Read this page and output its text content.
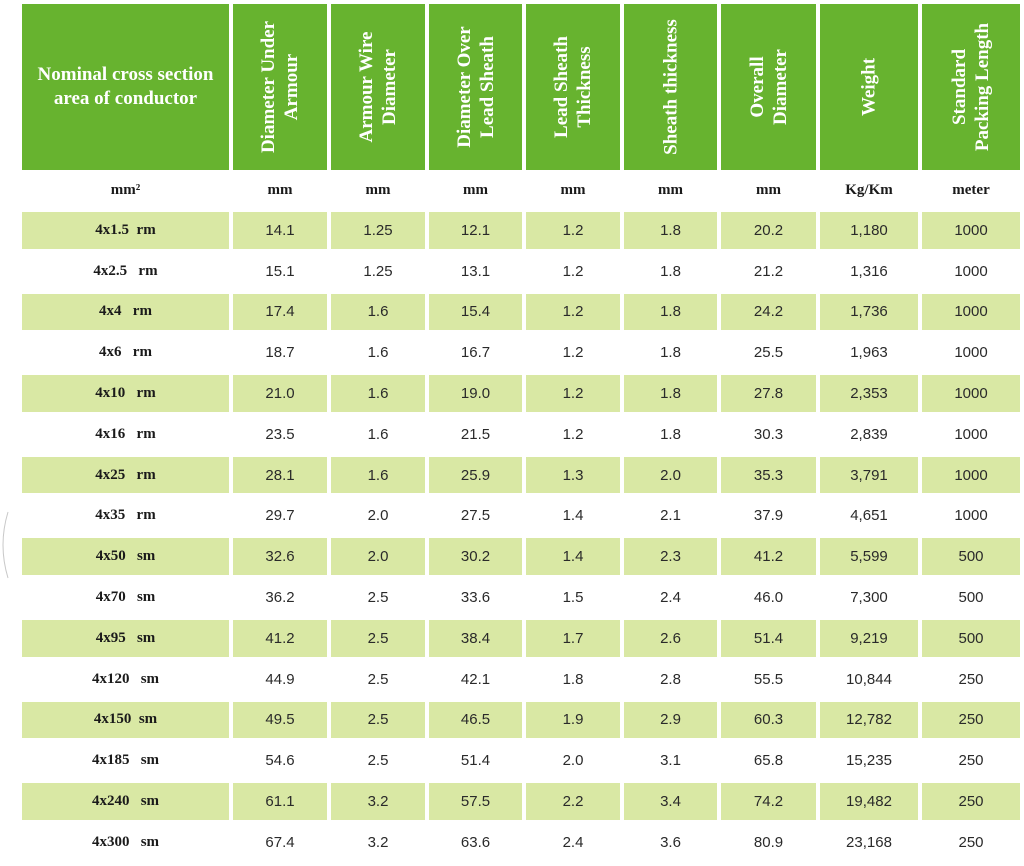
Nominal cross section area of conductor	Diameter Under Armour	Armour Wire Diameter	Diameter Over Lead Sheath	Lead Sheath Thickness	Sheath thickness	Overall Diameter	Weight	Standard Packing Length
mm²	mm	mm	mm	mm	mm	mm	Kg/Km	meter
4x1.5  rm	14.1	1.25	12.1	1.2	1.8	20.2	1,180	1000
4x2.5   rm	15.1	1.25	13.1	1.2	1.8	21.2	1,316	1000
4x4   rm	17.4	1.6	15.4	1.2	1.8	24.2	1,736	1000
4x6   rm	18.7	1.6	16.7	1.2	1.8	25.5	1,963	1000
4x10   rm	21.0	1.6	19.0	1.2	1.8	27.8	2,353	1000
4x16   rm	23.5	1.6	21.5	1.2	1.8	30.3	2,839	1000
4x25   rm	28.1	1.6	25.9	1.3	2.0	35.3	3,791	1000
4x35   rm	29.7	2.0	27.5	1.4	2.1	37.9	4,651	1000
4x50   sm	32.6	2.0	30.2	1.4	2.3	41.2	5,599	500
4x70   sm	36.2	2.5	33.6	1.5	2.4	46.0	7,300	500
4x95   sm	41.2	2.5	38.4	1.7	2.6	51.4	9,219	500
4x120   sm	44.9	2.5	42.1	1.8	2.8	55.5	10,844	250
4x150  sm	49.5	2.5	46.5	1.9	2.9	60.3	12,782	250
4x185   sm	54.6	2.5	51.4	2.0	3.1	65.8	15,235	250
4x240   sm	61.1	3.2	57.5	2.2	3.4	74.2	19,482	250
4x300   sm	67.4	3.2	63.6	2.4	3.6	80.9	23,168	250
